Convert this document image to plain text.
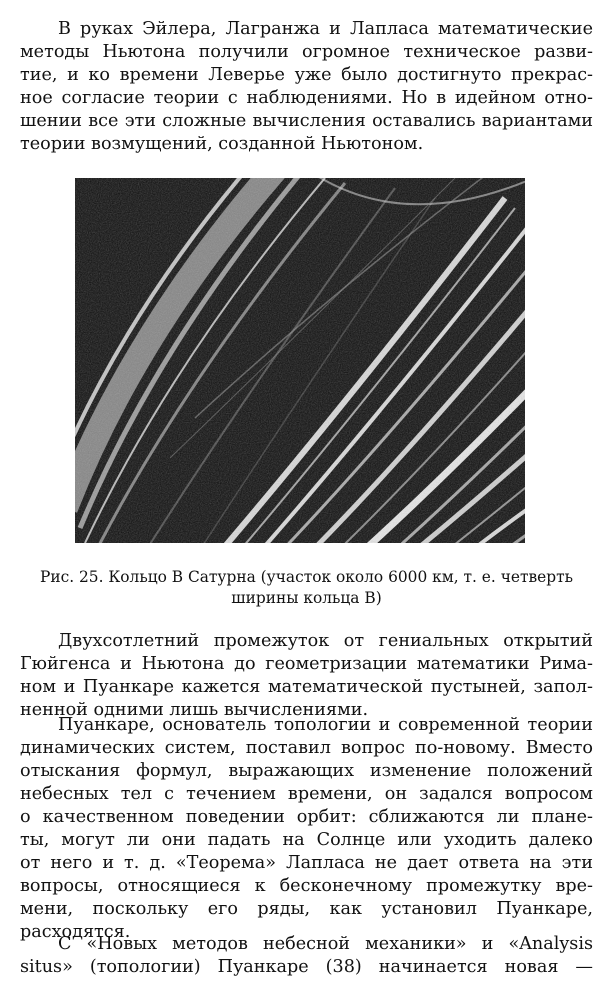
В руках Эйлера, Лагранжа и Лапласа математические
методы Ньютона получили огромное техническое разви-
тие, и ко времени Леверье уже было достигнуто прекрас-
ное согласие теории с наблюдениями. Но в идейном отно-
шении все эти сложные вычисления оставались вариантами
теории возмущений, созданной Ньютоном.
Рис. 25. Кольцо B Сатурна (участок около 6000 км, т. е. четверть
ширины кольца B)
Двухсотлетний промежуток от гениальных открытий
Гюйгенса и Ньютона до геометризации математики Рима-
ном и Пуанкаре кажется математической пустыней, запол-
ненной одними лишь вычислениями.
Пуанкаре, основатель топологии и современной теории
динамических систем, поставил вопрос по-новому. Вместо
отыскания формул, выражающих изменение положений
небесных тел с течением времени, он задался вопросом
о качественном поведении орбит: сближаются ли плане-
ты, могут ли они падать на Солнце или уходить далеко
от него и т. д. «Теорема» Лапласа не дает ответа на эти
вопросы, относящиеся к бесконечному промежутку вре-
мени, поскольку его ряды, как установил Пуанкаре,
расходятся.
С «Новых методов небесной механики» и «Analysis
situs» (топологии) Пуанкаре (38) начинается новая —
